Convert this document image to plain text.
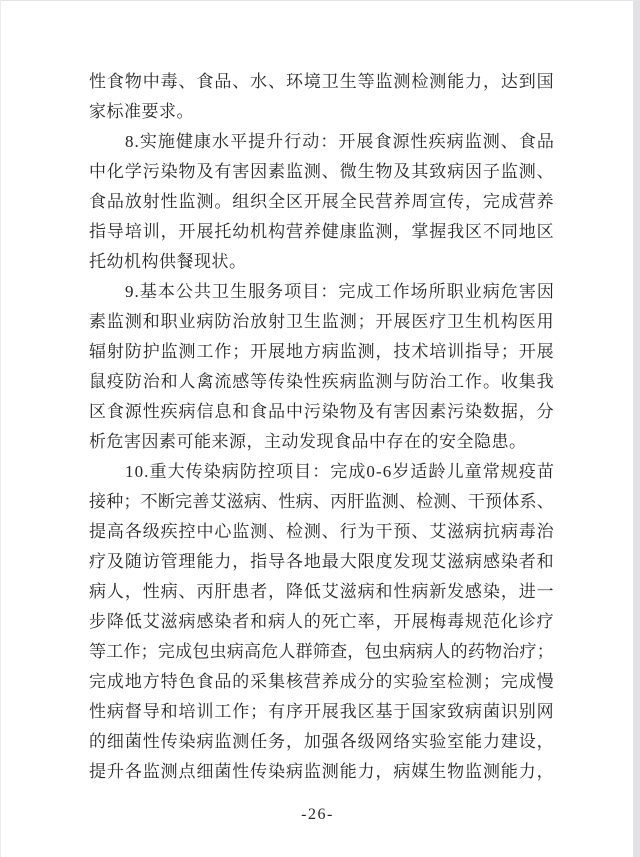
性 食 物 中 毒 、 食 品 、 水 、 环 境 卫 生 等 监 测 检 测 能 力 ， 达 到 国
家标准要求。
8 . 实 施 健 康 水 平 提 升 行 动 ： 开 展 食 源 性 疾 病 监 测 、 食 品
中 化 学 污 染 物 及 有 害 因 素 监 测 、 微 生 物 及 其 致 病 因 子 监 测 、
食 品 放 射 性 监 测 。 组 织 全 区 开 展 全 民 营 养 周 宣 传 ， 完 成 营 养
指 导 培 训 ， 开 展 托 幼 机 构 营 养 健 康 监 测 ， 掌 握 我 区 不 同 地 区
托幼机构供餐现状。
9 . 基 本 公 共 卫 生 服 务 项 目 ： 完 成 工 作 场 所 职 业 病 危 害 因
素 监 测 和 职 业 病 防 治 放 射 卫 生 监 测 ； 开 展 医 疗 卫 生 机 构 医 用
辐 射 防 护 监 测 工 作 ； 开 展 地 方 病 监 测 ， 技 术 培 训 指 导 ； 开 展
鼠 疫 防 治 和 人 禽 流 感 等 传 染 性 疾 病 监 测 与 防 治 工 作 。 收 集 我
区 食 源 性 疾 病 信 息 和 食 品 中 污 染 物 及 有 害 因 素 污 染 数 据 ， 分
析危害因素可能来源，主动发现食品中存在的安全隐患。
1 0 . 重 大 传 染 病 防 控 项 目 ： 完 成 0 - 6 岁 适 龄 儿 童 常 规 疫 苗
接 种 ； 不 断 完 善 艾 滋 病 、 性 病 、 丙 肝 监 测 、 检 测 、 干 预 体 系 、
提 高 各 级 疾 控 中 心 监 测 、 检 测 、 行 为 干 预 、 艾 滋 病 抗 病 毒 治
疗 及 随 访 管 理 能 力 ， 指 导 各 地 最 大 限 度 发 现 艾 滋 病 感 染 者 和
病 人 ， 性 病 、 丙 肝 患 者 ， 降 低 艾 滋 病 和 性 病 新 发 感 染 ， 进 一
步 降 低 艾 滋 病 感 染 者 和 病 人 的 死 亡 率 ， 开 展 梅 毒 规 范 化 诊 疗
等 工 作 ； 完 成 包 虫 病 高 危 人 群 筛 查 ， 包 虫 病 病 人 的 药 物 治 疗 ；
完 成 地 方 特 色 食 品 的 采 集 核 营 养 成 分 的 实 验 室 检 测 ； 完 成 慢
性 病 督 导 和 培 训 工 作 ； 有 序 开 展 我 区 基 于 国 家 致 病 菌 识 别 网
的 细 菌 性 传 染 病 监 测 任 务 ， 加 强 各 级 网 络 实 验 室 能 力 建 设 ，
提 升 各 监 测 点 细 菌 性 传 染 病 监 测 能 力 ， 病 媒 生 物 监 测 能 力 ，
-26-
